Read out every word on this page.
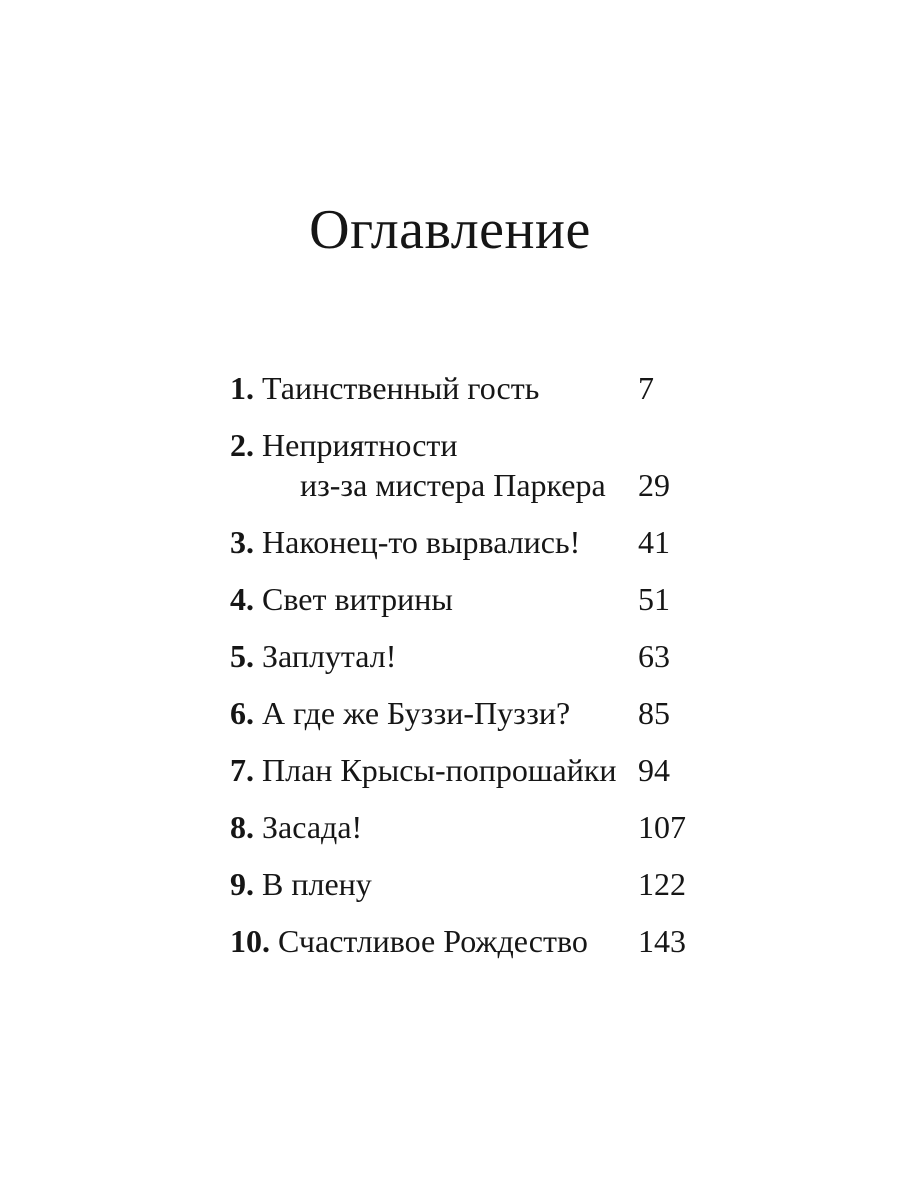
Оглавление
1. Таинственный гость	7
2. Неприятности
из-за мистера Паркера	29
3. Наконец-то вырвались!	41
4. Свет витрины	51
5. Заплутал!	63
6. А где же Буззи-Пуззи?	85
7. План Крысы-попрошайки 94
8. Засада!	107
9. В плену	122
10. Счастливое Рождество	143
